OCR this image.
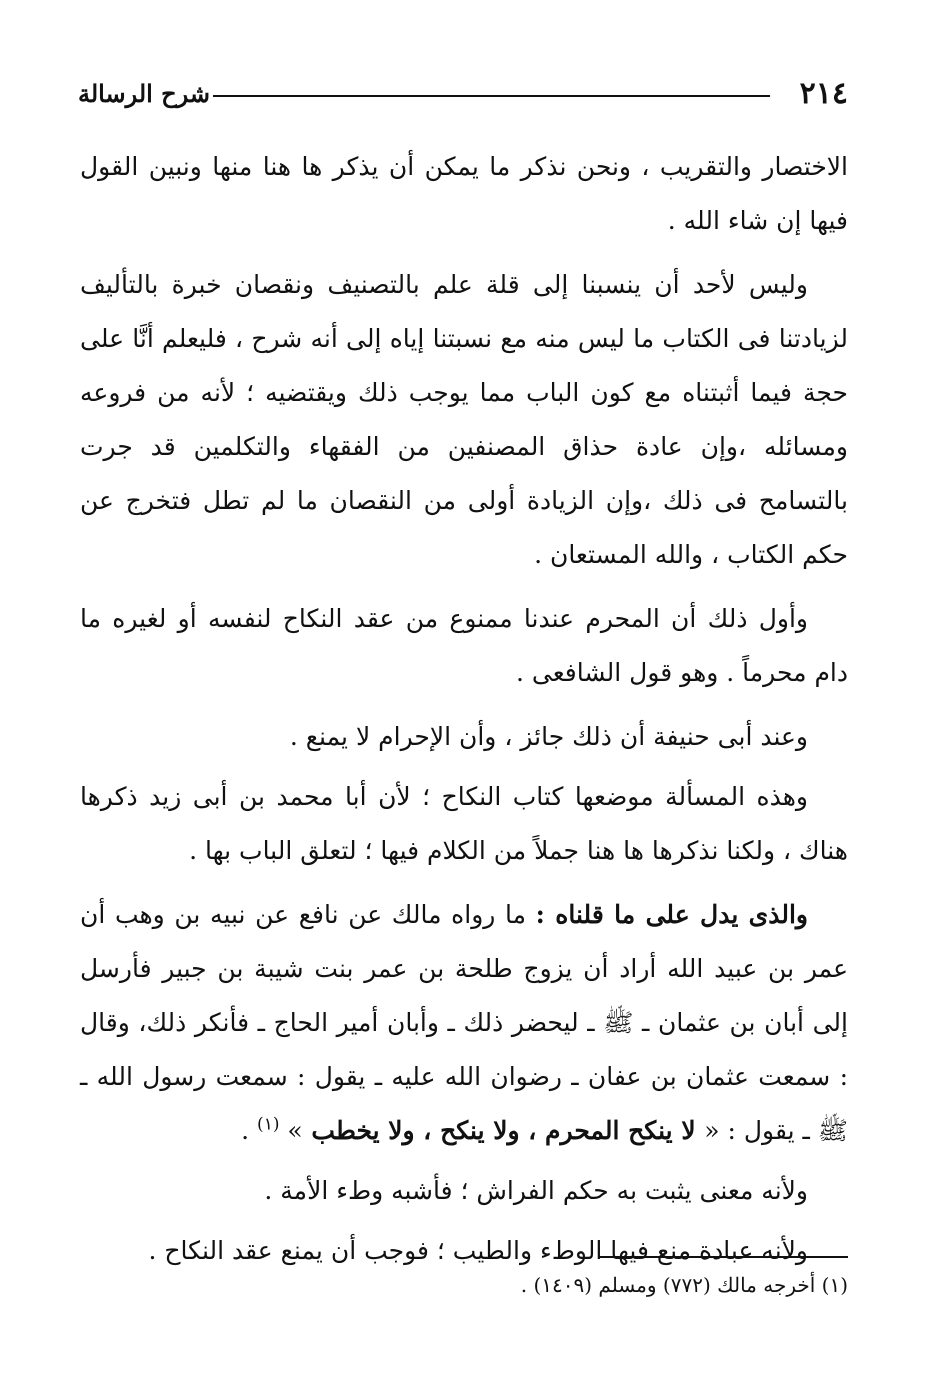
٢١٤
شرح الرسالة

الاختصار والتقريب ، ونحن نذكر ما يمكن أن يذكر ها هنا منها ونبين القول فيها إن شاء الله .

وليس لأحد أن ينسبنا إلى قلة علم بالتصنيف ونقصان خبرة بالتأليف لزيادتنا فى الكتاب ما ليس منه مع نسبتنا إياه إلى أنه شرح ، فليعلم أنَّا على حجة فيما أثبتناه مع كون الباب مما يوجب ذلك ويقتضيه ؛ لأنه من فروعه ومسائله ،وإن عادة حذاق المصنفين من الفقهاء والتكلمين قد جرت بالتسامح فى ذلك ،وإن الزيادة أولى من النقصان ما لم تطل فتخرج عن حكم الكتاب ، والله المستعان .

وأول ذلك أن المحرم عندنا ممنوع من عقد النكاح لنفسه أو لغيره ما دام محرماً . وهو قول الشافعى .

وعند أبى حنيفة أن ذلك جائز ، وأن الإحرام لا يمنع .

وهذه المسألة موضعها كتاب النكاح ؛ لأن أبا محمد بن أبى زيد ذكرها هناك ، ولكنا نذكرها ها هنا جملاً من الكلام فيها ؛ لتعلق الباب بها .

والذى يدل على ما قلناه : ما رواه مالك عن نافع عن نبيه بن وهب أن عمر بن عبيد الله أراد أن يزوج طلحة بن عمر بنت شيبة بن جبير فأرسل إلى أبان بن عثمان ـ ﷺ ـ ليحضر ذلك ـ وأبان أمير الحاج ـ فأنكر ذلك، وقال : سمعت عثمان بن عفان ـ رضوان الله عليه ـ يقول : سمعت رسول الله ـ ﷺ ـ يقول : « لا ينكح المحرم ، ولا ينكح ، ولا يخطب » $^{(١)}$ .

ولأنه معنى يثبت به حكم الفراش ؛ فأشبه وطء الأمة .

ولأنه عبادة منع فيها الوطء والطيب ؛ فوجب أن يمنع عقد النكاح .

(١) أخرجه مالك (٧٧٢) ومسلم (١٤٠٩) .
